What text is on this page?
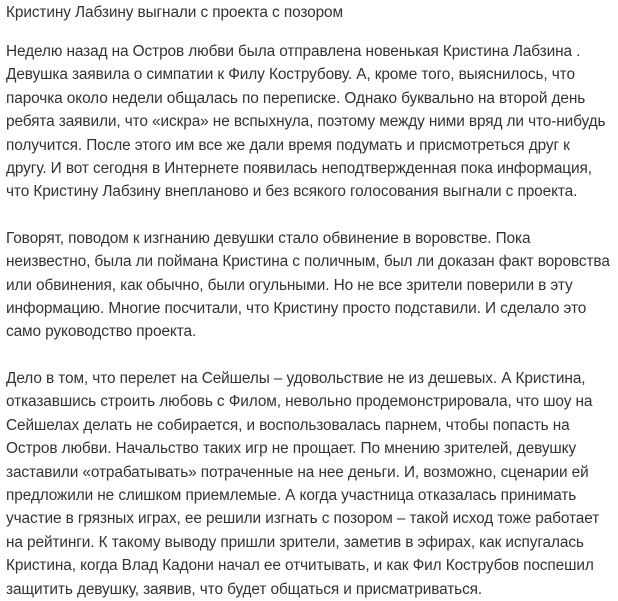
Кристину Лабзину выгнали с проекта с позором

Неделю назад на Остров любви была отправлена новенькая Кристина Лабзина .
Девушка заявила о симпатии к Филу Кострубову. А, кроме того, выяснилось, что
парочка около недели общалась по переписке. Однако буквально на второй день
ребята заявили, что «искра» не вспыхнула, поэтому между ними вряд ли что-нибудь
получится. После этого им все же дали время подумать и присмотреться друг к
другу. И вот сегодня в Интернете появилась неподтвержденная пока информация,
что Кристину Лабзину внепланово и без всякого голосования выгнали с проекта.

Говорят, поводом к изгнанию девушки стало обвинение в воровстве. Пока
неизвестно, была ли поймана Кристина с поличным, был ли доказан факт воровства
или обвинения, как обычно, были огульными. Но не все зрители поверили в эту
информацию. Многие посчитали, что Кристину просто подставили. И сделало это
само руководство проекта.

Дело в том, что перелет на Сейшелы – удовольствие не из дешевых. А Кристина,
отказавшись строить любовь с Филом, невольно продемонстрировала, что шоу на
Сейшелах делать не собирается, и воспользовалась парнем, чтобы попасть на
Остров любви. Начальство таких игр не прощает. По мнению зрителей, девушку
заставили «отрабатывать» потраченные на нее деньги. И, возможно, сценарии ей
предложили не слишком приемлемые. А когда участница отказалась принимать
участие в грязных играх, ее решили изгнать с позором – такой исход тоже работает
на рейтинги. К такому выводу пришли зрители, заметив в эфирах, как испугалась
Кристина, когда Влад Кадони начал ее отчитывать, и как Фил Кострубов поспешил
защитить девушку, заявив, что будет общаться и присматриваться.
